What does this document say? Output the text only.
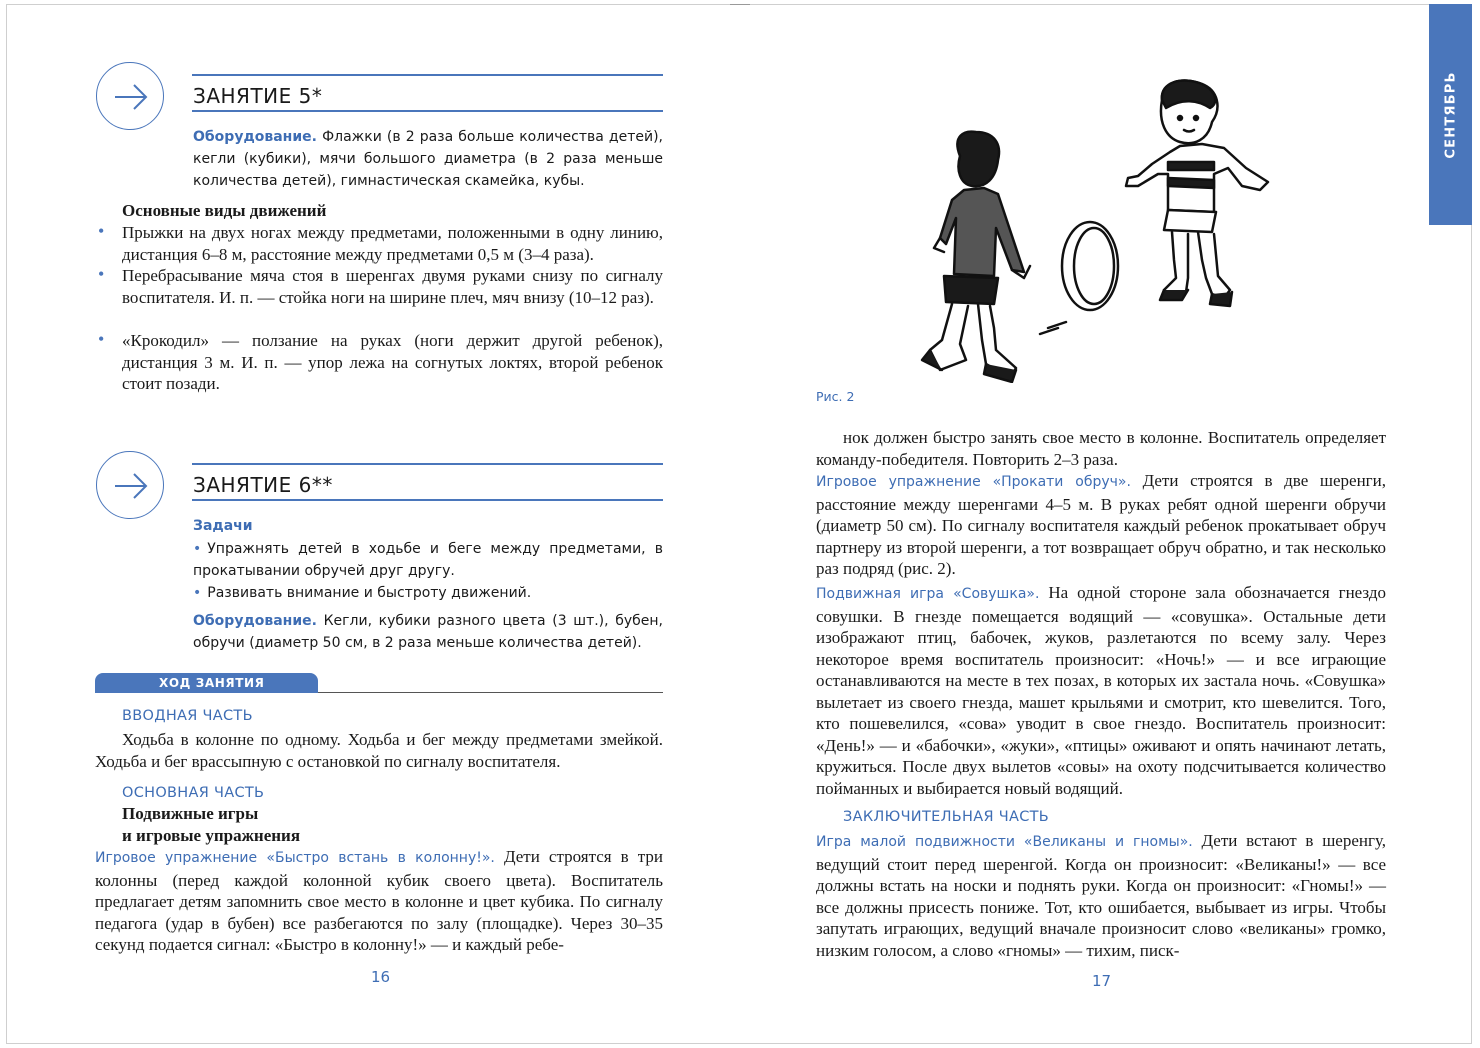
ЗАНЯТИЕ 5*
Оборудование. Флажки (в 2 раза больше количества детей), кегли (кубики), мячи большого диаметра (в 2 раза меньше количества детей), гимнастическая скамейка, кубы.
Основные виды движений
• Прыжки на двух ногах между предметами, положенными в одну линию, дистанция 6–8 м, расстояние между предметами 0,5 м (3–4 раза).
• Перебрасывание мяча стоя в шеренгах двумя руками снизу по сигналу воспитателя. И. п. — стойка ноги на ширине плеч, мяч внизу (10–12 раз).
• «Крокодил» — ползание на руках (ноги держит другой ребенок), дистанция 3 м. И. п. — упор лежа на согнутых локтях, второй ребенок стоит позади.
ЗАНЯТИЕ 6**
Задачи
• Упражнять детей в ходьбе и беге между предметами, в прокатывании обручей друг другу.
• Развивать внимание и быстроту движений.
Оборудование. Кегли, кубики разного цвета (3 шт.), бубен, обручи (диаметр 50 см, в 2 раза меньше количества детей).
ХОД ЗАНЯТИЯ
ВВОДНАЯ ЧАСТЬ
Ходьба в колонне по одному. Ходьба и бег между предметами змейкой. Ходьба и бег врассыпную с остановкой по сигналу воспитателя.
ОСНОВНАЯ ЧАСТЬ
Подвижные игры
и игровые упражнения
Игровое упражнение «Быстро встань в колонну!». Дети строятся в три колонны (перед каждой колонной кубик своего цвета). Воспитатель предлагает детям запомнить свое место в колонне и цвет кубика. По сигналу педагога (удар в бубен) все разбегаются по залу (площадке). Через 30–35 секунд подается сигнал: «Быстро в колонну!» — и каждый ребе-
16
СЕНТЯБРЬ
Рис. 2
нок должен быстро занять свое место в колонне. Воспитатель определяет команду-победителя. Повторить 2–3 раза.
Игровое упражнение «Прокати обруч». Дети строятся в две шеренги, расстояние между шеренгами 4–5 м. В руках ребят одной шеренги обручи (диаметр 50 см). По сигналу воспитателя каждый ребенок прокатывает обруч партнеру из второй шеренги, а тот возвращает обруч обратно, и так несколько раз подряд (рис. 2).
Подвижная игра «Совушка». На одной стороне зала обозначается гнездо совушки. В гнезде помещается водящий — «совушка». Остальные дети изображают птиц, бабочек, жуков, разлетаются по всему залу. Через некоторое время воспитатель произносит: «Ночь!» — и все играющие останавливаются на месте в тех позах, в которых их застала ночь. «Совушка» вылетает из своего гнезда, машет крыльями и смотрит, кто шевелится. Того, кто пошевелился, «сова» уводит в свое гнездо. Воспитатель произносит: «День!» — и «бабочки», «жуки», «птицы» оживают и опять начинают летать, кружиться. После двух вылетов «совы» на охоту подсчитывается количество пойманных и выбирается новый водящий.
ЗАКЛЮЧИТЕЛЬНАЯ ЧАСТЬ
Игра малой подвижности «Великаны и гномы». Дети встают в шеренгу, ведущий стоит перед шеренгой. Когда он произносит: «Великаны!» — все должны встать на носки и поднять руки. Когда он произносит: «Гномы!» — все должны присесть пониже. Тот, кто ошибается, выбывает из игры. Чтобы запутать играющих, ведущий вначале произносит слово «великаны» громко, низким голосом, а слово «гномы» — тихим, писк-
17
